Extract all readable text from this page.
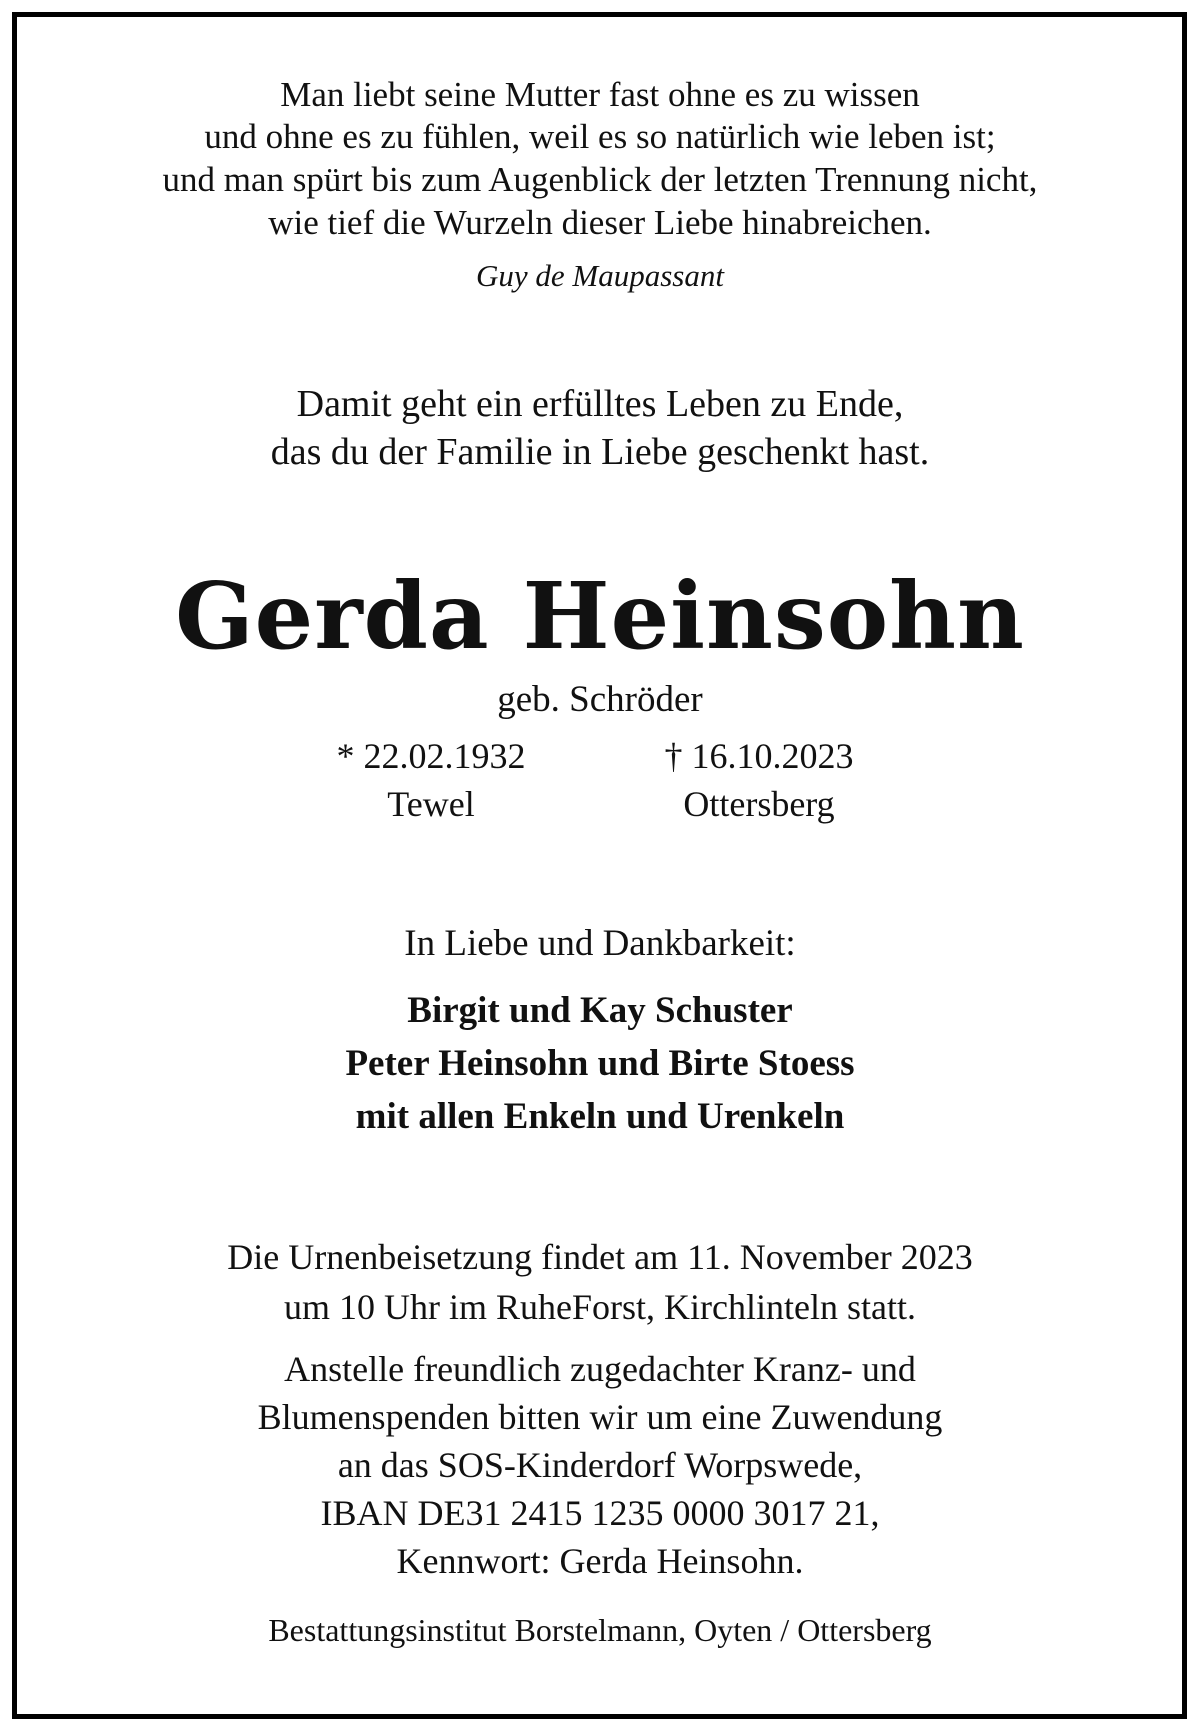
Man liebt seine Mutter fast ohne es zu wissen
und ohne es zu fühlen, weil es so natürlich wie leben ist;
und man spürt bis zum Augenblick der letzten Trennung nicht,
wie tief die Wurzeln dieser Liebe hinabreichen.
Guy de Maupassant
Damit geht ein erfülltes Leben zu Ende,
das du der Familie in Liebe geschenkt hast.
Gerda Heinsohn
geb. Schröder
* 22.02.1932
Tewel
† 16.10.2023
Ottersberg
In Liebe und Dankbarkeit:
Birgit und Kay Schuster
Peter Heinsohn und Birte Stoess
mit allen Enkeln und Urenkeln
Die Urnenbeisetzung findet am 11. November 2023
um 10 Uhr im RuheForst, Kirchlinteln statt.
Anstelle freundlich zugedachter Kranz- und
Blumenspenden bitten wir um eine Zuwendung
an das SOS-Kinderdorf Worpswede,
IBAN DE31 2415 1235 0000 3017 21,
Kennwort: Gerda Heinsohn.
Bestattungsinstitut Borstelmann, Oyten / Ottersberg
